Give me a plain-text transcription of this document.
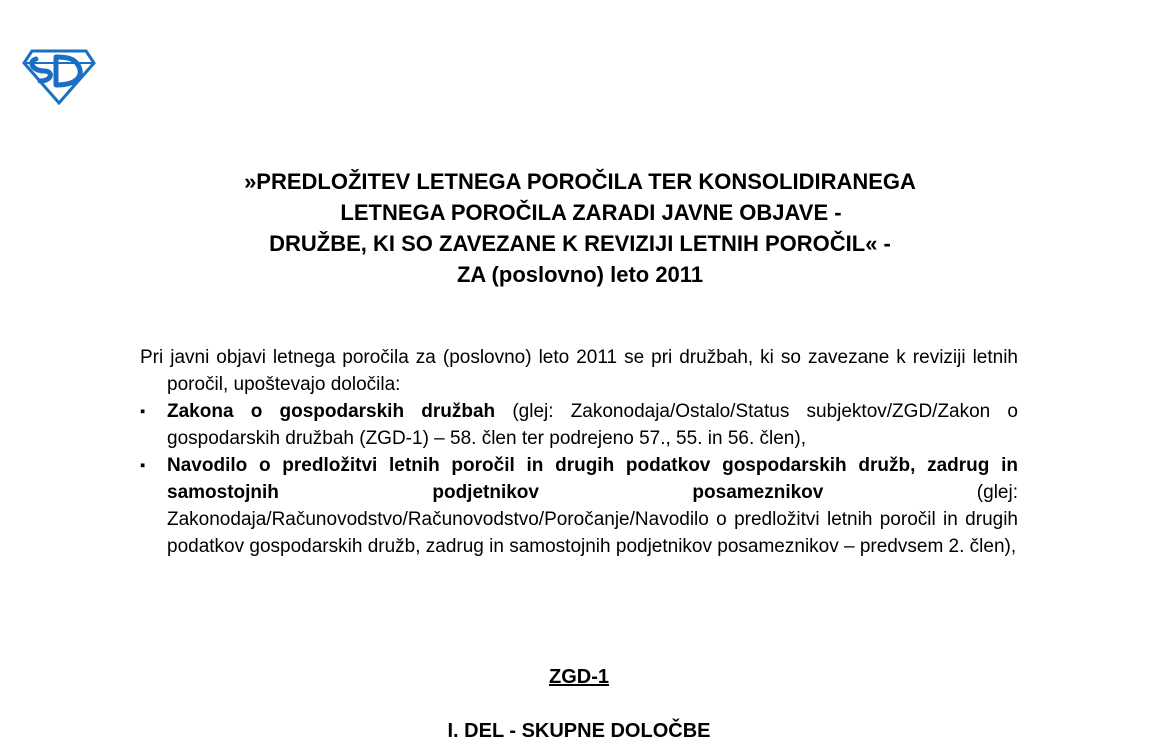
»PREDLOŽITEV LETNEGA POROČILA TER KONSOLIDIRANEGA
LETNEGA POROČILA ZARADI JAVNE OBJAVE -
DRUŽBE, KI SO ZAVEZANE K REVIZIJI LETNIH POROČIL« -
ZA (poslovno) leto 2011

Pri javni objavi letnega poročila za (poslovno) leto 2011 se pri družbah, ki so zavezane k reviziji letnih poročil, upoštevajo določila:

▪	Zakona o gospodarskih družbah (glej: Zakonodaja/Ostalo/Status subjektov/ZGD/Zakon o gospodarskih družbah (ZGD-1) – 58. člen ter podrejeno 57., 55. in 56. člen),

▪	Navodilo o predložitvi letnih poročil in drugih podatkov gospodarskih družb, zadrug in samostojnih podjetnikov posameznikov (glej: Zakonodaja/Računovodstvo/Računovodstvo/Poročanje/Navodilo o predložitvi letnih poročil in drugih podatkov gospodarskih družb, zadrug in samostojnih podjetnikov posameznikov – predvsem 2. člen),

ZGD-1
I. DEL - SKUPNE DOLOČBE
